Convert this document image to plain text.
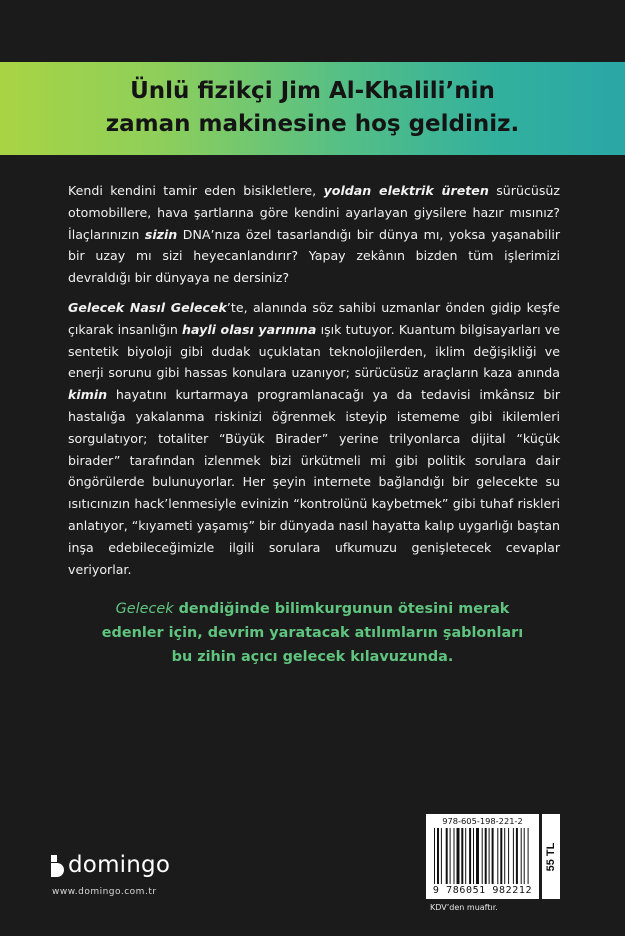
Ünlü fizikçi Jim Al-Khalili’nin
zaman makinesine hoş geldiniz.

Kendi kendini tamir eden bisikletlere, yoldan elektrik üreten sürücüsüz otomobillere, hava şartlarına göre kendini ayarlayan giysilere hazır mısınız? İlaçlarınızın sizin DNA’nıza özel tasarlandığı bir dünya mı, yoksa yaşanabilir bir uzay mı sizi heyecanlandırır? Yapay zekânın bizden tüm işlerimizi devraldığı bir dünyaya ne dersiniz?

Gelecek Nasıl Gelecek’te, alanında söz sahibi uzmanlar önden gidip keşfe çıkarak insanlığın hayli olası yarınına ışık tutuyor. Kuantum bilgisayarları ve sentetik biyoloji gibi dudak uçuklatan teknolojilerden, iklim değişikliği ve enerji sorunu gibi hassas konulara uzanıyor; sürücüsüz araçların kaza anında kimin hayatını kurtarmaya programlanacağı ya da tedavisi imkânsız bir hastalığa yakalanma riskinizi öğrenmek isteyip istememe gibi ikilemleri sorgulatıyor; totaliter “Büyük Birader” yerine trilyonlarca dijital “küçük birader” tarafından izlenmek bizi ürkütmeli mi gibi politik sorulara dair öngörülerde bulunuyorlar. Her şeyin internete bağlandığı bir gelecekte su ısıtıcınızın hack’lenmesiyle evinizin “kontrolünü kaybetmek” gibi tuhaf riskleri anlatıyor, “kıyameti yaşamış” bir dünyada nasıl hayatta kalıp uygarlığı baştan inşa edebileceğimizle ilgili sorulara ufkumuzu genişletecek cevaplar veriyorlar.

Gelecek dendiğinde bilimkurgunun ötesini merak
edenler için, devrim yaratacak atılımların şablonları
bu zihin açıcı gelecek kılavuzunda.
domingo
www.domingo.com.tr
978-605-198-221-2
9 786051 982212
55 TL
KDV’den muaftır.
